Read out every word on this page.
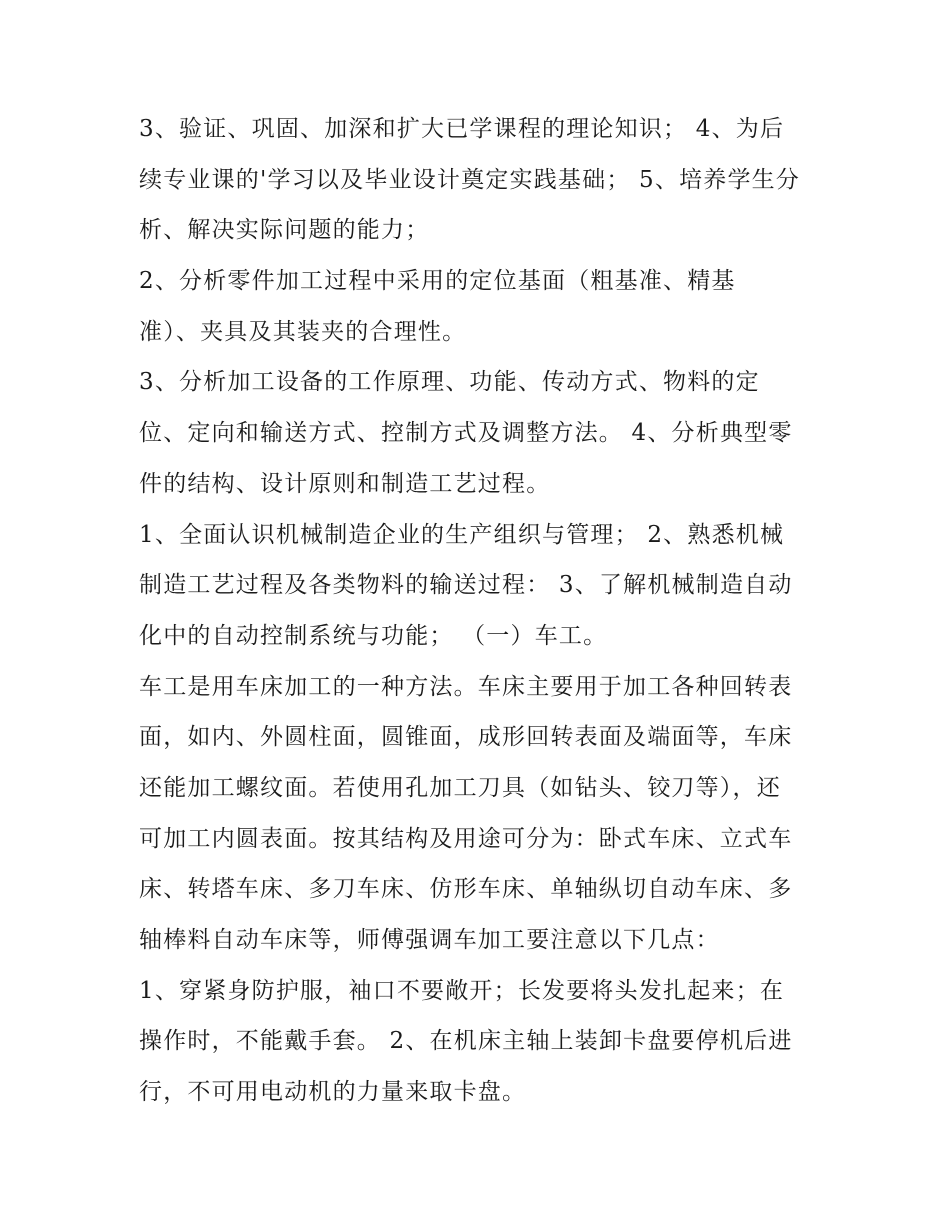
3、验证、巩固、加深和扩大已学课程的理论知识； 4、为后
续专业课的'学习以及毕业设计奠定实践基础； 5、培养学生分
析、解决实际问题的能力；
2、分析零件加工过程中采用的定位基面（粗基准、精基
准）、夹具及其装夹的合理性。
3、分析加工设备的工作原理、功能、传动方式、物料的定
位、定向和输送方式、控制方式及调整方法。 4、分析典型零
件的结构、设计原则和制造工艺过程。
1、全面认识机械制造企业的生产组织与管理； 2、熟悉机械
制造工艺过程及各类物料的输送过程： 3、了解机械制造自动
化中的自动控制系统与功能； （一）车工。
车工是用车床加工的一种方法。车床主要用于加工各种回转表
面，如内、外圆柱面，圆锥面，成形回转表面及端面等，车床
还能加工螺纹面。若使用孔加工刀具（如钻头、铰刀等），还
可加工内圆表面。按其结构及用途可分为：卧式车床、立式车
床、转塔车床、多刀车床、仿形车床、单轴纵切自动车床、多
轴棒料自动车床等，师傅强调车加工要注意以下几点：
1、穿紧身防护服，袖口不要敞开；长发要将头发扎起来；在
操作时，不能戴手套。 2、在机床主轴上装卸卡盘要停机后进
行，不可用电动机的力量来取卡盘。
